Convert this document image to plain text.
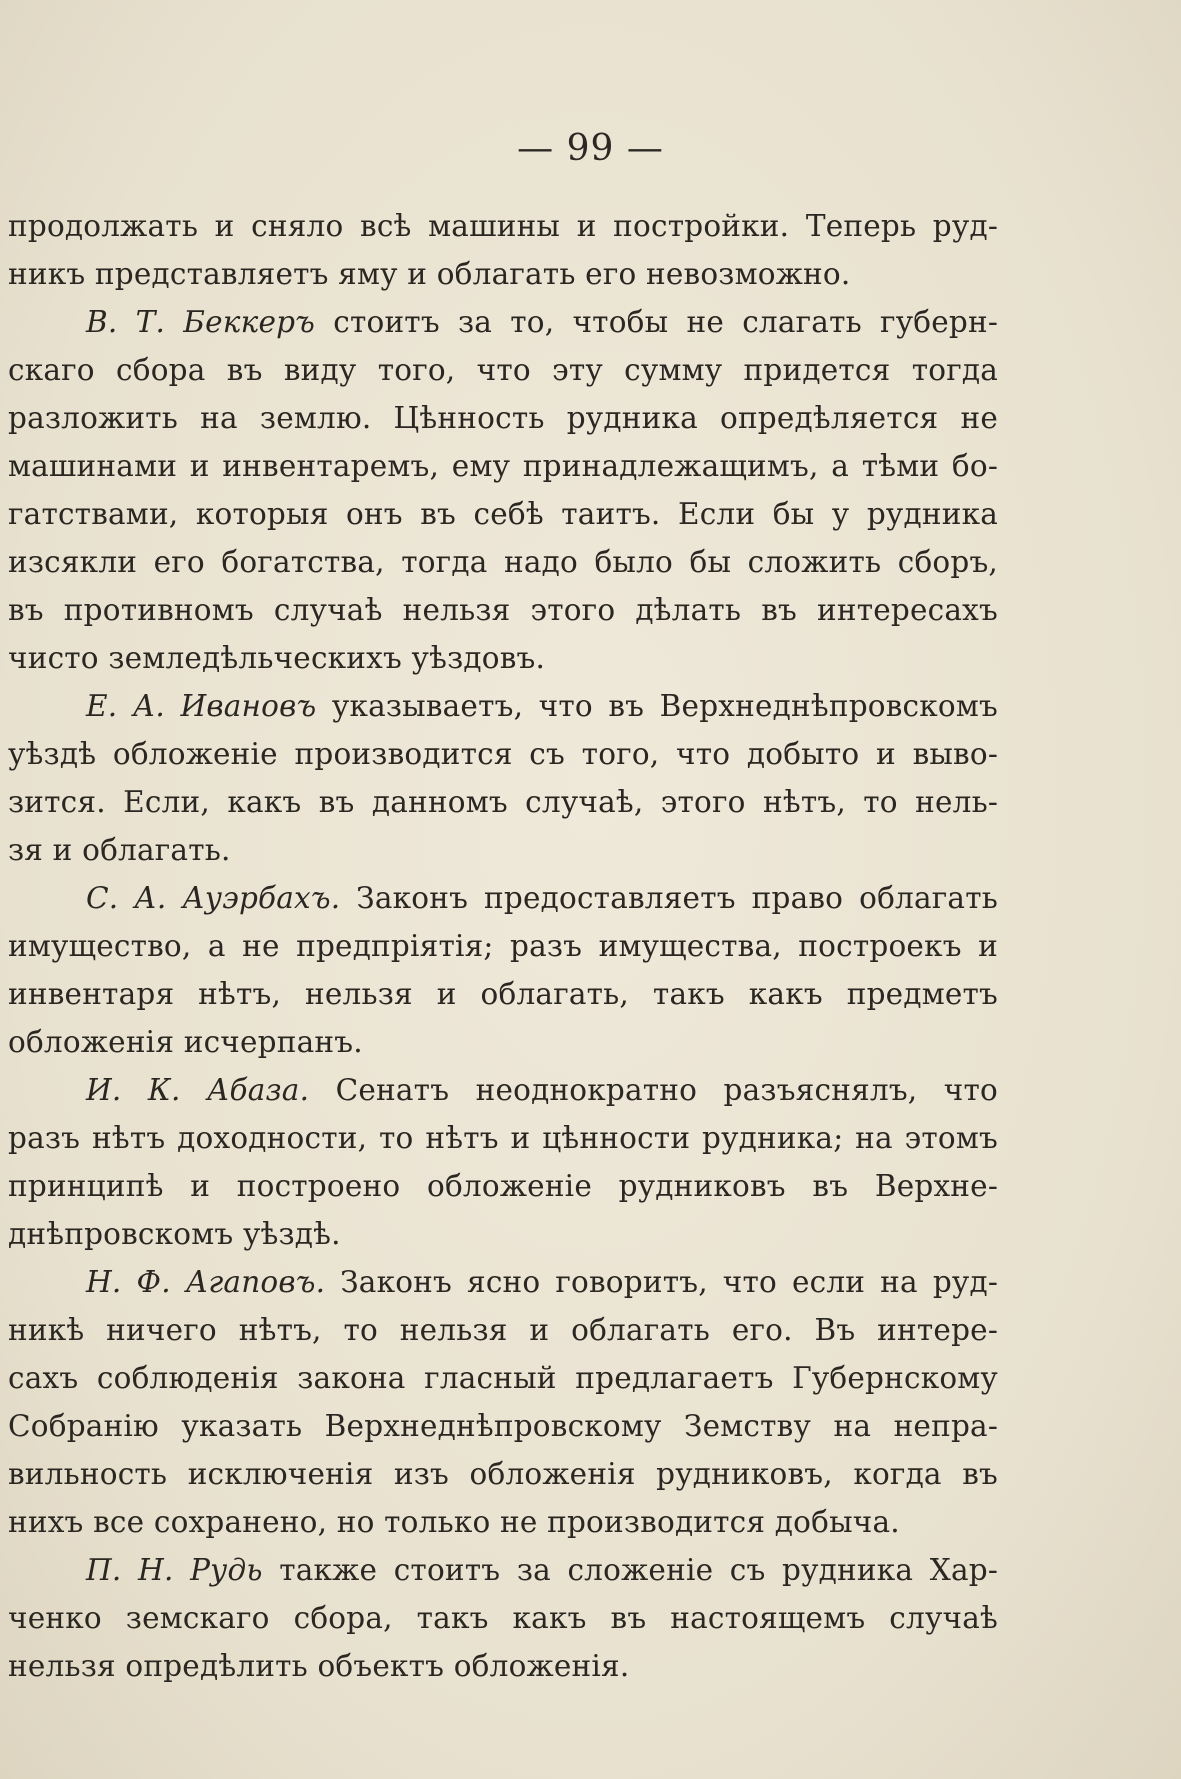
— 99 —
продолжать и сняло всѣ машины и постройки. Теперь руд-
никъ представляетъ яму и облагать его невозможно.
В. Т. Беккеръ стоитъ за то, чтобы не слагать губерн-
скаго сбора въ виду того, что эту сумму придется тогда
разложить на землю. Цѣнность рудника опредѣляется не
машинами и инвентаремъ, ему принадлежащимъ, а тѣми бо-
гатствами, которыя онъ въ себѣ таитъ. Если бы у рудника
изсякли его богатства, тогда надо было бы сложить сборъ,
въ противномъ случаѣ нельзя этого дѣлать въ интересахъ
чисто земледѣльческихъ уѣздовъ.
Е. А. Ивановъ указываетъ, что въ Верхнеднѣпровскомъ
уѣздѣ обложеніе производится съ того, что добыто и выво-
зится. Если, какъ въ данномъ случаѣ, этого нѣтъ, то нель-
зя и облагать.
С. А. Ауэрбахъ. Законъ предоставляетъ право облагать
имущество, а не предпріятія; разъ имущества, построекъ и
инвентаря нѣтъ, нельзя и облагать, такъ какъ предметъ
обложенія исчерпанъ.
И. К. Абаза. Сенатъ неоднократно разъяснялъ, что
разъ нѣтъ доходности, то нѣтъ и цѣнности рудника; на этомъ
принципѣ и построено обложеніе рудниковъ въ Верхне-
днѣпровскомъ уѣздѣ.
Н. Ф. Агаповъ. Законъ ясно говоритъ, что если на руд-
никѣ ничего нѣтъ, то нельзя и облагать его. Въ интере-
сахъ соблюденія закона гласный предлагаетъ Губернскому
Собранію указать Верхнеднѣпровскому Земству на непра-
вильность исключенія изъ обложенія рудниковъ, когда въ
нихъ все сохранено, но только не производится добыча.
П. Н. Рудь также стоитъ за сложеніе съ рудника Хар-
ченко земскаго сбора, такъ какъ въ настоящемъ случаѣ
нельзя опредѣлить объектъ обложенія.
